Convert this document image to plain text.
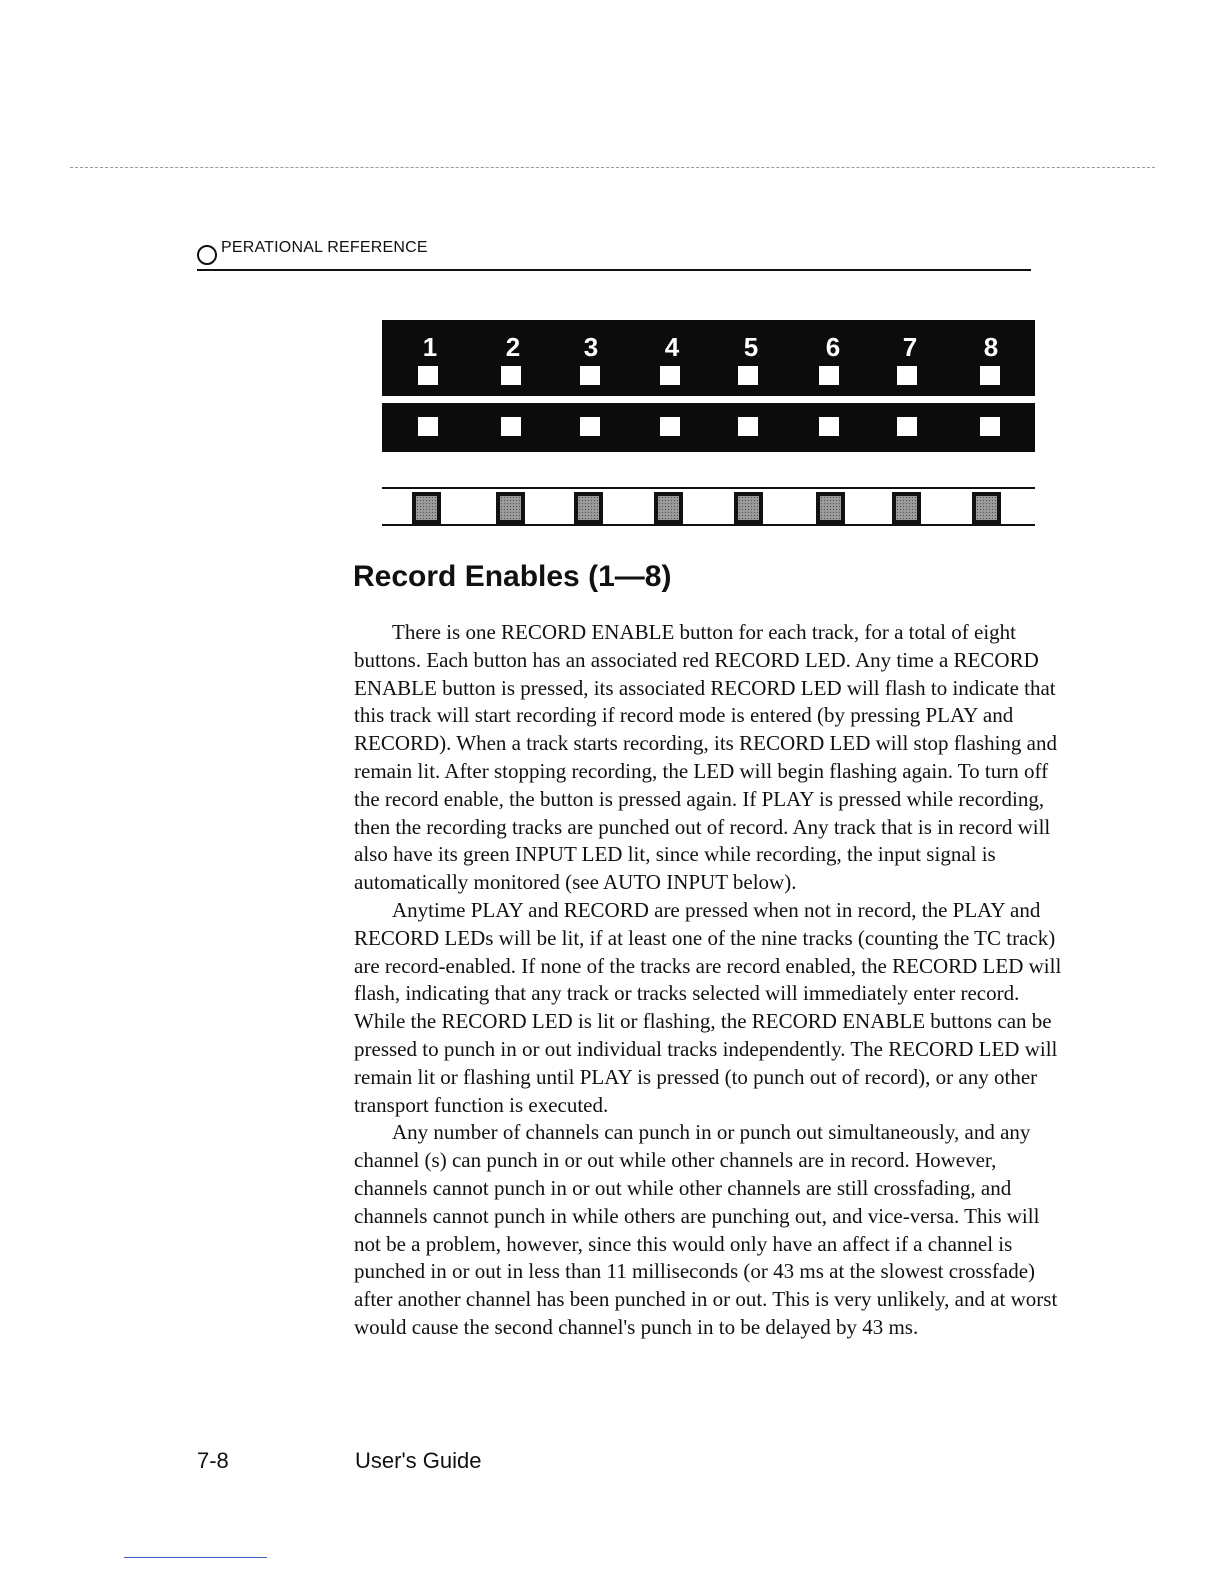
PERATIONAL REFERENCE
1	2	3	4	5	6	7	8
Record Enables (1—8)

There is one RECORD ENABLE button for each track, for a total of eight buttons. Each button has an associated red RECORD LED. Any time a RECORD ENABLE button is pressed, its associated RECORD LED will flash to indicate that this track will start recording if record mode is entered (by pressing PLAY and RECORD). When a track starts recording, its RECORD LED will stop flashing and remain lit. After stopping recording, the LED will begin flashing again. To turn off the record enable, the button is pressed again. If PLAY is pressed while recording, then the recording tracks are punched out of record. Any track that is in record will also have its green INPUT LED lit, since while recording, the input signal is automatically monitored (see AUTO INPUT below).

Anytime PLAY and RECORD are pressed when not in record, the PLAY and RECORD LEDs will be lit, if at least one of the nine tracks (counting the TC track) are record-enabled. If none of the tracks are record enabled, the RECORD LED will flash, indicating that any track or tracks selected will immediately enter record. While the RECORD LED is lit or flashing, the RECORD ENABLE buttons can be pressed to punch in or out individual tracks independently. The RECORD LED will remain lit or flashing until PLAY is pressed (to punch out of record), or any other transport function is executed.

Any number of channels can punch in or punch out simultaneously, and any channel (s) can punch in or out while other channels are in record. However, channels cannot punch in or out while other channels are still crossfading, and channels cannot punch in while others are punching out, and vice-versa. This will not be a problem, however, since this would only have an affect if a channel is punched in or out in less than 11 milliseconds (or 43 ms at the slowest crossfade) after another channel has been punched in or out. This is very unlikely, and at worst would cause the second channel's punch in to be delayed by 43 ms.

7-8	User's Guide
